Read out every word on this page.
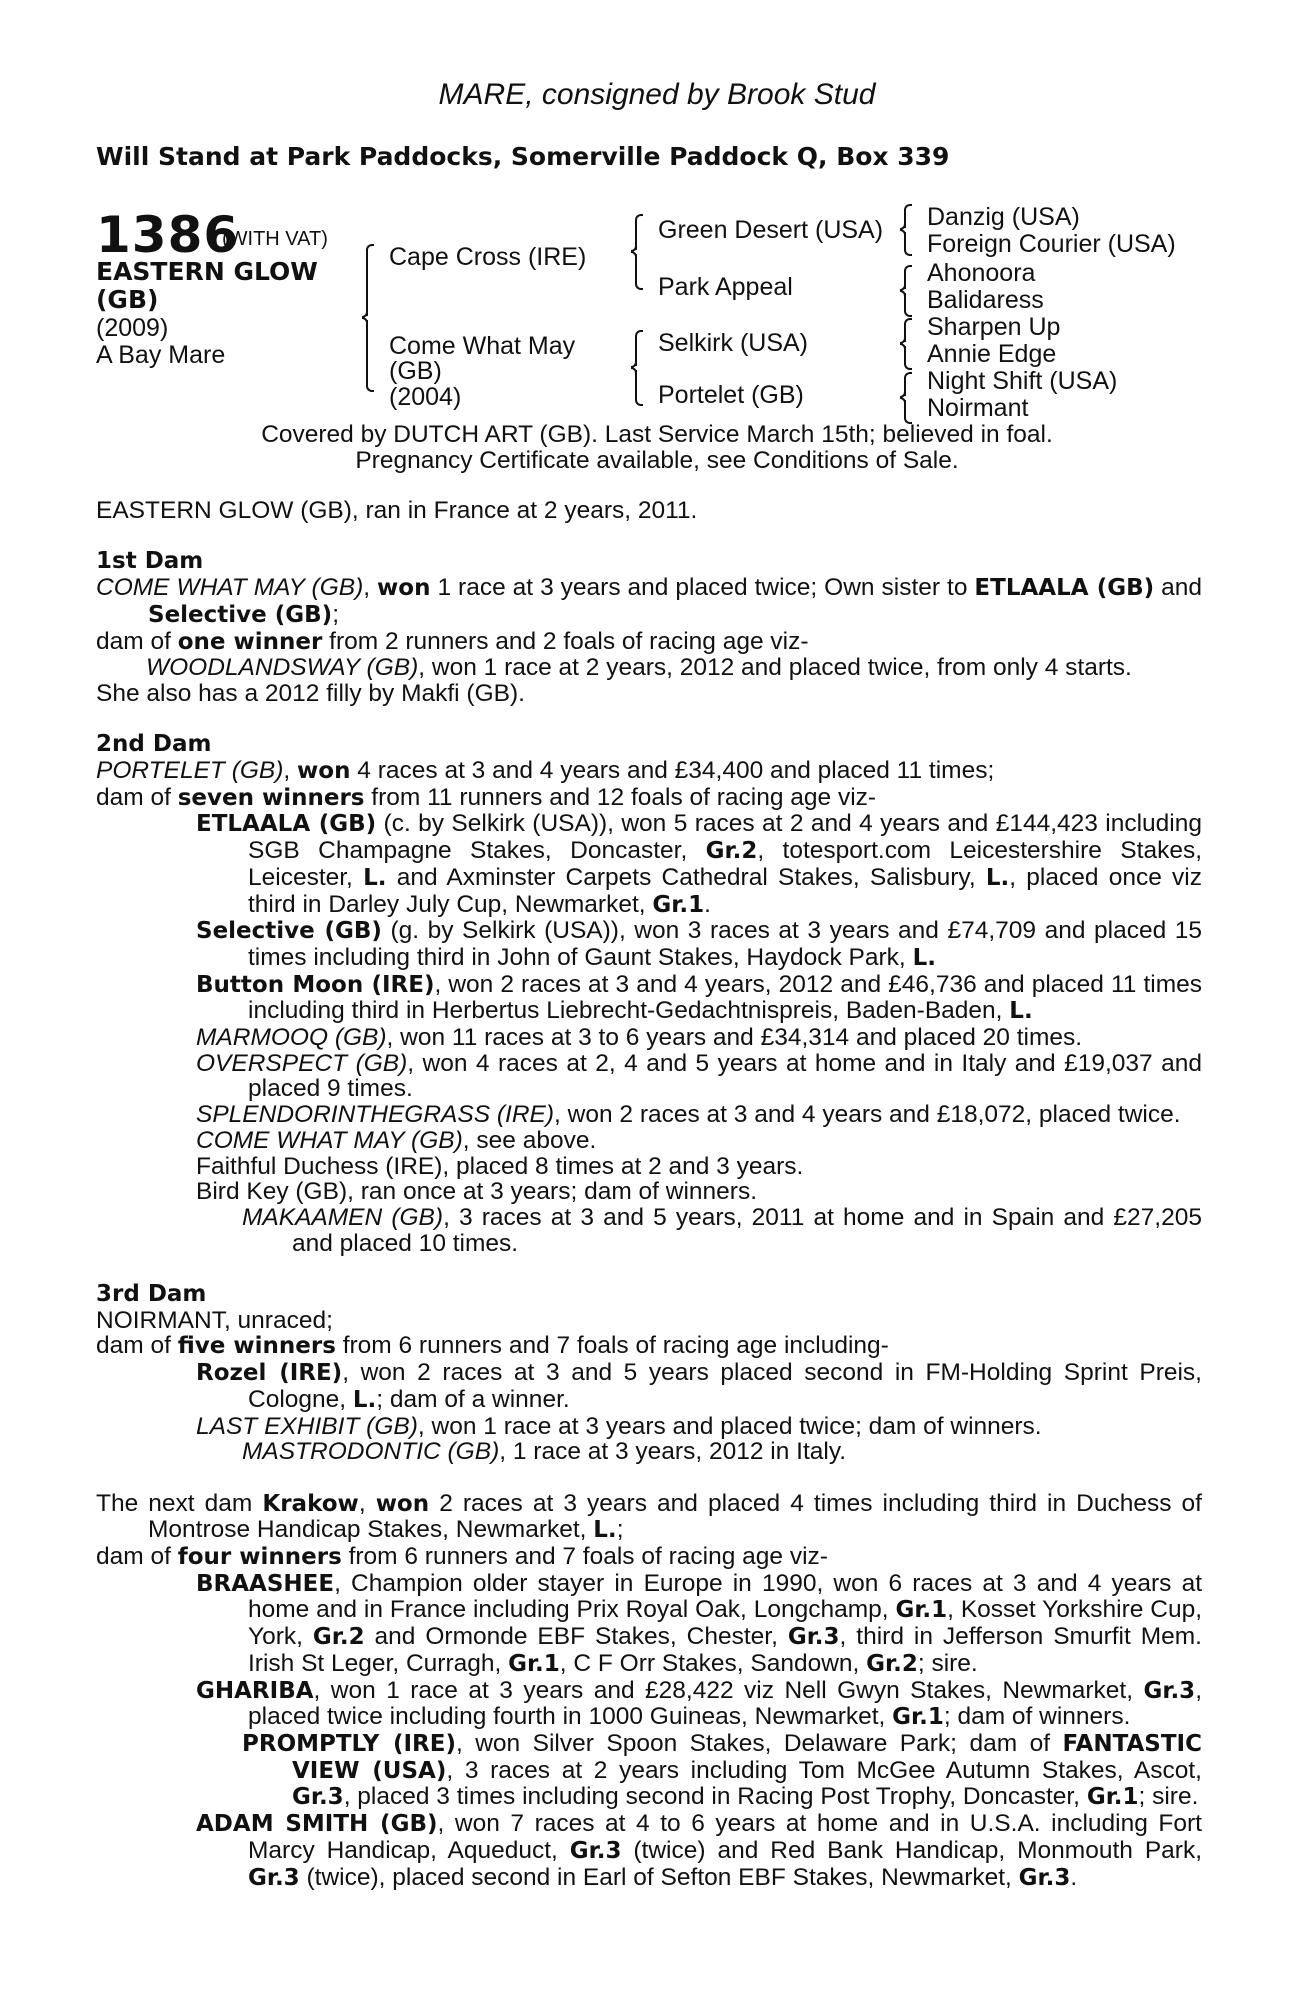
MARE, consigned by Brook Stud
Will Stand at Park Paddocks, Somerville Paddock Q, Box 339
1386
(WITH VAT)
EASTERN GLOW
(GB)
(2009)
A Bay Mare
Cape Cross (IRE)
Come What May
(GB)
(2004)
Green Desert (USA)
Park Appeal
Selkirk (USA)
Portelet (GB)
Danzig (USA)
Foreign Courier (USA)
Ahonoora
Balidaress
Sharpen Up
Annie Edge
Night Shift (USA)
Noirmant
Covered by DUTCH ART (GB). Last Service March 15th; believed in foal.
Pregnancy Certificate available, see Conditions of Sale.

EASTERN GLOW (GB), ran in France at 2 years, 2011.

1st Dam

COME WHAT MAY (GB), won 1 race at 3 years and placed twice; Own sister to ETLAALA (GB) and Selective (GB);

dam of one winner from 2 runners and 2 foals of racing age viz-

WOODLANDSWAY (GB), won 1 race at 2 years, 2012 and placed twice, from only 4 starts.

She also has a 2012 filly by Makfi (GB).

2nd Dam

PORTELET (GB), won 4 races at 3 and 4 years and £34,400 and placed 11 times;

dam of seven winners from 11 runners and 12 foals of racing age viz-

ETLAALA (GB) (c. by Selkirk (USA)), won 5 races at 2 and 4 years and £144,423 including SGB Champagne Stakes, Doncaster, Gr.2, totesport.com Leicestershire Stakes, Leicester, L. and Axminster Carpets Cathedral Stakes, Salisbury, L., placed once viz third in Darley July Cup, Newmarket, Gr.1.

Selective (GB) (g. by Selkirk (USA)), won 3 races at 3 years and £74,709 and placed 15 times including third in John of Gaunt Stakes, Haydock Park, L.

Button Moon (IRE), won 2 races at 3 and 4 years, 2012 and £46,736 and placed 11 times including third in Herbertus Liebrecht-Gedachtnispreis, Baden-Baden, L.

MARMOOQ (GB), won 11 races at 3 to 6 years and £34,314 and placed 20 times.

OVERSPECT (GB), won 4 races at 2, 4 and 5 years at home and in Italy and £19,037 and placed 9 times.

SPLENDORINTHEGRASS (IRE), won 2 races at 3 and 4 years and £18,072, placed twice.

COME WHAT MAY (GB), see above.

Faithful Duchess (IRE), placed 8 times at 2 and 3 years.

Bird Key (GB), ran once at 3 years; dam of winners.

MAKAAMEN (GB), 3 races at 3 and 5 years, 2011 at home and in Spain and £27,205 and placed 10 times.

3rd Dam

NOIRMANT, unraced;

dam of five winners from 6 runners and 7 foals of racing age including-

Rozel (IRE), won 2 races at 3 and 5 years placed second in FM-Holding Sprint Preis, Cologne, L.; dam of a winner.

LAST EXHIBIT (GB), won 1 race at 3 years and placed twice; dam of winners.

MASTRODONTIC (GB), 1 race at 3 years, 2012 in Italy.

The next dam Krakow, won 2 races at 3 years and placed 4 times including third in Duchess of Montrose Handicap Stakes, Newmarket, L.;

dam of four winners from 6 runners and 7 foals of racing age viz-

BRAASHEE, Champion older stayer in Europe in 1990, won 6 races at 3 and 4 years at home and in France including Prix Royal Oak, Longchamp, Gr.1, Kosset Yorkshire Cup, York, Gr.2 and Ormonde EBF Stakes, Chester, Gr.3, third in Jefferson Smurfit Mem. Irish St Leger, Curragh, Gr.1, C F Orr Stakes, Sandown, Gr.2; sire.

GHARIBA, won 1 race at 3 years and £28,422 viz Nell Gwyn Stakes, Newmarket, Gr.3, placed twice including fourth in 1000 Guineas, Newmarket, Gr.1; dam of winners.

PROMPTLY (IRE), won Silver Spoon Stakes, Delaware Park; dam of FANTASTIC VIEW (USA), 3 races at 2 years including Tom McGee Autumn Stakes, Ascot, Gr.3, placed 3 times including second in Racing Post Trophy, Doncaster, Gr.1; sire.

ADAM SMITH (GB), won 7 races at 4 to 6 years at home and in U.S.A. including Fort Marcy Handicap, Aqueduct, Gr.3 (twice) and Red Bank Handicap, Monmouth Park, Gr.3 (twice), placed second in Earl of Sefton EBF Stakes, Newmarket, Gr.3.
